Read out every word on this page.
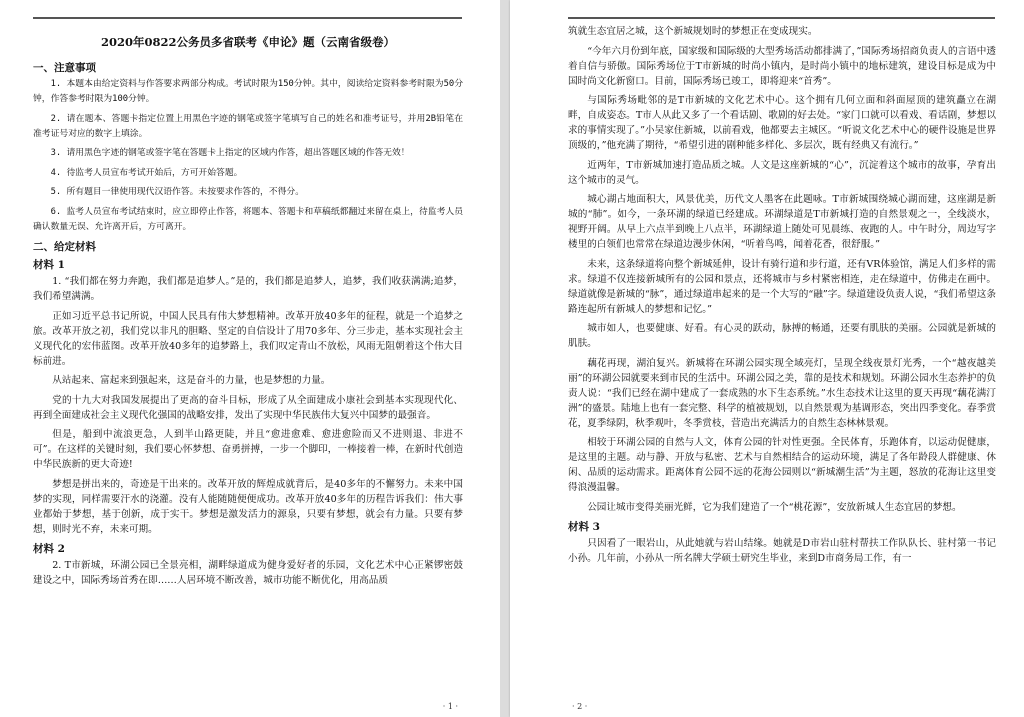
2020年0822公务员多省联考《申论》题（云南省级卷）
一、注意事项

1. 本题本由给定资料与作答要求两部分构成。考试时限为150分钟。其中，阅读给定资料参考时限为50分钟，作答参考时限为100分钟。

2. 请在题本、答题卡指定位置上用黑色字迹的钢笔或签字笔填写自己的姓名和准考证号，并用2B铅笔在准考证号对应的数字上填涂。

3. 请用黑色字迹的钢笔或签字笔在答题卡上指定的区域内作答，超出答题区域的作答无效！

4. 待监考人员宣布考试开始后，方可开始答题。

5. 所有题目一律使用现代汉语作答。未按要求作答的，不得分。

6. 监考人员宣布考试结束时，应立即停止作答，将题本、答题卡和草稿纸都翻过来留在桌上，待监考人员确认数量无误、允许离开后，方可离开。

二、给定材料
材料 1

1. “我们都在努力奔跑，我们都是追梦人。”是的，我们都是追梦人，追梦，我们收获满满;追梦，我们希望满满。

正如习近平总书记所说，中国人民具有伟大梦想精神。改革开放40多年的征程，就是一个追梦之旅。改革开放之初，我们党以非凡的胆略、坚定的自信设计了用70多年、分三步走，基本实现社会主义现代化的宏伟蓝图。改革开放40多年的追梦路上，我们叹定青山不放松，风雨无阻朝着这个伟大目标前进。

从站起来、富起来到强起来，这是奋斗的力量，也是梦想的力量。

党的十九大对我国发展提出了更高的奋斗目标，形成了从全面建成小康社会到基本实现现代化、再到全面建成社会主义现代化强国的战略安排，发出了实现中华民族伟大复兴中国梦的最强音。

但是，船到中流浪更急，人到半山路更陡，并且“愈进愈难、愈进愈险而又不进则退、非进不可”。在这样的关键时刻，我们要心怀梦想、奋勇拼搏，一步一个脚印，一棒接着一棒，在新时代创造中华民族新的更大奇迹!

梦想是拼出来的，奇迹是干出来的。改革开放的辉煌成就背后，是40多年的不懈努力。未来中国 梦的实现，同样需要汗水的浇灌。没有人能随随便便成功。改革开放40多年的历程告诉我们：伟大事业都始于梦想，基于创新，成于实干。梦想是激发活力的源泉，只要有梦想，就会有力量。只要有梦想，则时光不弃，未来可期。

材料 2

2. T市新城，环湖公园已全景亮相，湖畔绿道成为健身爱好者的乐园，文化艺术中心正紧锣密鼓建设之中，国际秀场首秀在即……人居环境不断改善，城市功能不断优化，用高品质

· 1 ·

筑就生态宜居之城，这个新城规划时的梦想正在变成现实。

“今年六月份到年底，国家级和国际级的大型秀场活动都排满了，”国际秀场招商负责人的言语中透着自信与骄傲。国际秀场位于T市新城的时尚小镇内，是时尚小镇中的地标建筑，建设目标是成为中国时尚文化新窗口。目前，国际秀场已竣工，即将迎来“首秀”。

与国际秀场毗邻的是T市新城的文化艺术中心。这个拥有几何立面和斜面屋顶的建筑矗立在湖畔，自成姿态。T市人从此又多了一个看话剧、歌剧的好去处。“家门口就可以看戏、看话剧，梦想以求的事情实现了。”小吴家住新城，以前看戏，他都要去主城区。“听说文化艺术中心的硬件设施是世界顶级的，”他充满了期待，“希望引进的剧种能多样化、多层次，既有经典又有流行。”

近两年，T市新城加速打造品质之城。人文是这座新城的“心”，沉淀着这个城市的故事，孕育出这个城市的灵气。

城心湖占地面积大，风景优美，历代文人墨客在此题咏。T市新城围绕城心湖而建，这座湖是新城的“肺”。如今，一条环湖的绿道已经建成。环湖绿道是T市新城打造的自然景观之一，全线淡水，视野开阔。从早上六点半到晚上八点半，环湖绿道上随处可见晨练、夜跑的人。中午时分，周边写字楼里的白领们也常常在绿道边漫步休闲，“听着鸟鸣，闻着花香，很舒服。”

未来，这条绿道将向整个新城延伸，设计有骑行道和步行道，还有VR体验馆，满足人们多样的需求。绿道不仅连接新城所有的公园和景点，还将城市与乡村紧密相连，走在绿道中，仿佛走在画中。绿道就像是新城的“脉”，通过绿道串起来的是一个大写的“融”字。绿道建设负责人说，“我们希望这条路连起所有新城人的梦想和记忆。”

城市如人，也要健康、好看。有心灵的跃动，脉搏的畅通，还要有肌肤的美丽。公园就是新城的肌肤。

藕花再现，湖泊复兴。新城将在环湖公园实现全域亮灯，呈现全线夜景灯光秀，一个“越夜越美丽”的环湖公园就要来到市民的生活中。环湖公园之美，靠的是技术和规划。环湖公园水生态养护的负责人说：“我们已经在湖中建成了一套成熟的水下生态系统。”水生态技术让这里的夏天再现“藕花满汀洲”的盛景。陆地上也有一套完整、科学的植被规划，以自然景观为基调形态，突出四季变化。春季赏花，夏季绿阴，秋季观叶，冬季赏枝，营造出充满活力的自然生态林林景观。

相较于环湖公园的自然与人文，体育公园的针对性更强。全民体育，乐跑体育，以运动促健康，是这里的主题。动与静、开放与私密、艺术与自然相结合的运动环境，满足了各年龄段人群健康、休闲、品质的运动需求。距离体育公园不远的花海公园则以“新城潮生活”为主题，怒放的花海让这里变得浪漫温馨。

公园让城市变得美丽光鲜，它为我们建造了一个“桃花源”，安放新城人生态宜居的梦想。

材料 3

只因看了一眼岩山，从此她就与岩山结缘。她就是D市岩山驻村帮扶工作队队长、驻村第一书记小孙。几年前，小孙从一所名牌大学硕士研究生毕业，来到D市商务局工作，有一

· 2 ·
